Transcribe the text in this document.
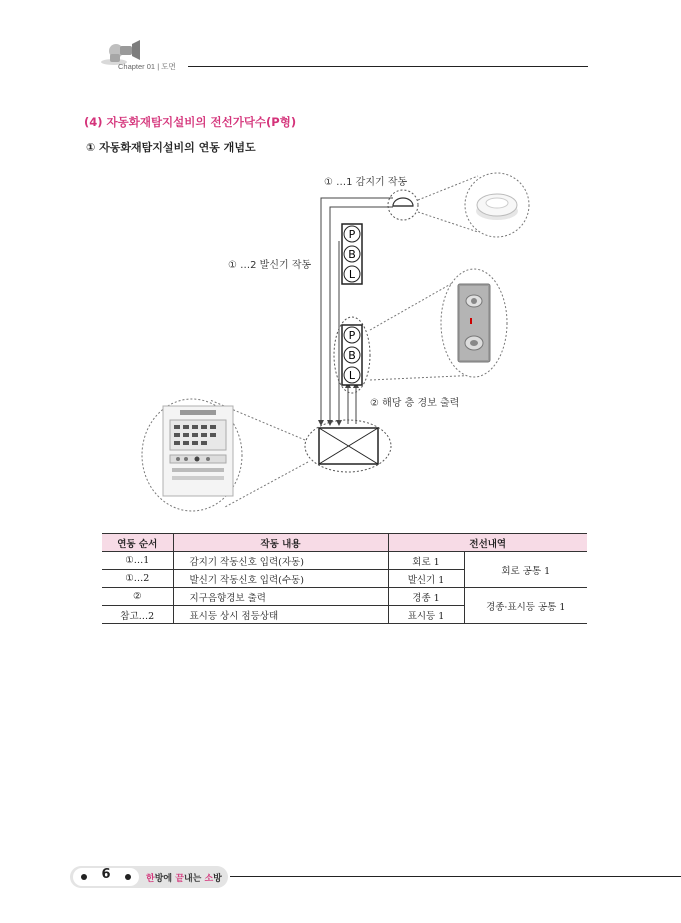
Chapter 01 | 도면
(4) 자동화재탐지설비의 전선가닥수(P형)
① 자동화재탐지설비의 연동 개념도
① …1 감지기 작동
P
B
L
① …2 발신기 작동
P
B
L
② 해당 층 경보 출력
연동 순서	작동 내용	전선내역	
①…1	감지기 작동신호 입력(자동)	회로 1	회로 공통 1
①…2	발신기 작동신호 입력(수동)	발신기 1	
②	지구음향경보 출력	경종 1	경종·표시등 공통 1
참고…2	표시등 상시 점등상태	표시등 1	
6	한방에 끝내는 소방
